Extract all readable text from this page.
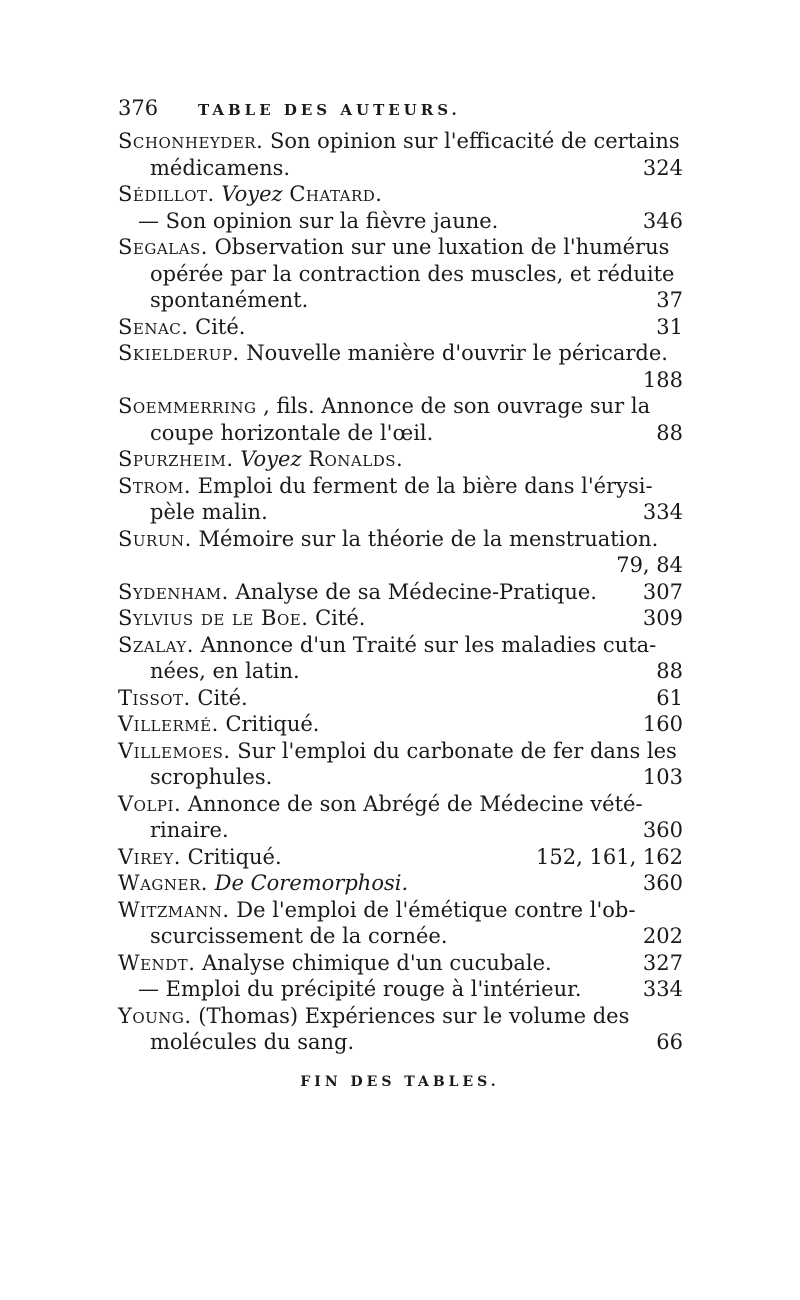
376	TABLE DES AUTEURS.
Schonheyder. Son opinion sur l'efficacité de certains
médicamens.	324
Sédillot. Voyez Chatard.
— Son opinion sur la fièvre jaune.	346
Segalas. Observation sur une luxation de l'humérus
opérée par la contraction des muscles, et réduite
spontanément.	37
Senac. Cité.	31
Skielderup. Nouvelle manière d'ouvrir le péricarde.
188
Soemmerring , fils. Annonce de son ouvrage sur la
coupe horizontale de l'œil.	88
Spurzheim. Voyez Ronalds.
Strom. Emploi du ferment de la bière dans l'érysi-
pèle malin.	334
Surun. Mémoire sur la théorie de la menstruation.
79, 84
Sydenham. Analyse de sa Médecine-Pratique. 307
Sylvius de le Boe. Cité.	309
Szalay. Annonce d'un Traité sur les maladies cuta-
nées, en latin.	88
Tissot. Cité.	61
Villermé. Critiqué.	160
Villemoes. Sur l'emploi du carbonate de fer dans les
scrophules.	103
Volpi. Annonce de son Abrégé de Médecine vété-
rinaire.	360
Virey. Critiqué.	152, 161, 162
Wagner. De Coremorphosi.	360
Witzmann. De l'emploi de l'émétique contre l'ob-
scurcissement de la cornée.	202
Wendt. Analyse chimique d'un cucubale.	327
— Emploi du précipité rouge à l'intérieur.	334
Young. (Thomas) Expériences sur le volume des
molécules du sang.	66
FIN DES TABLES.
